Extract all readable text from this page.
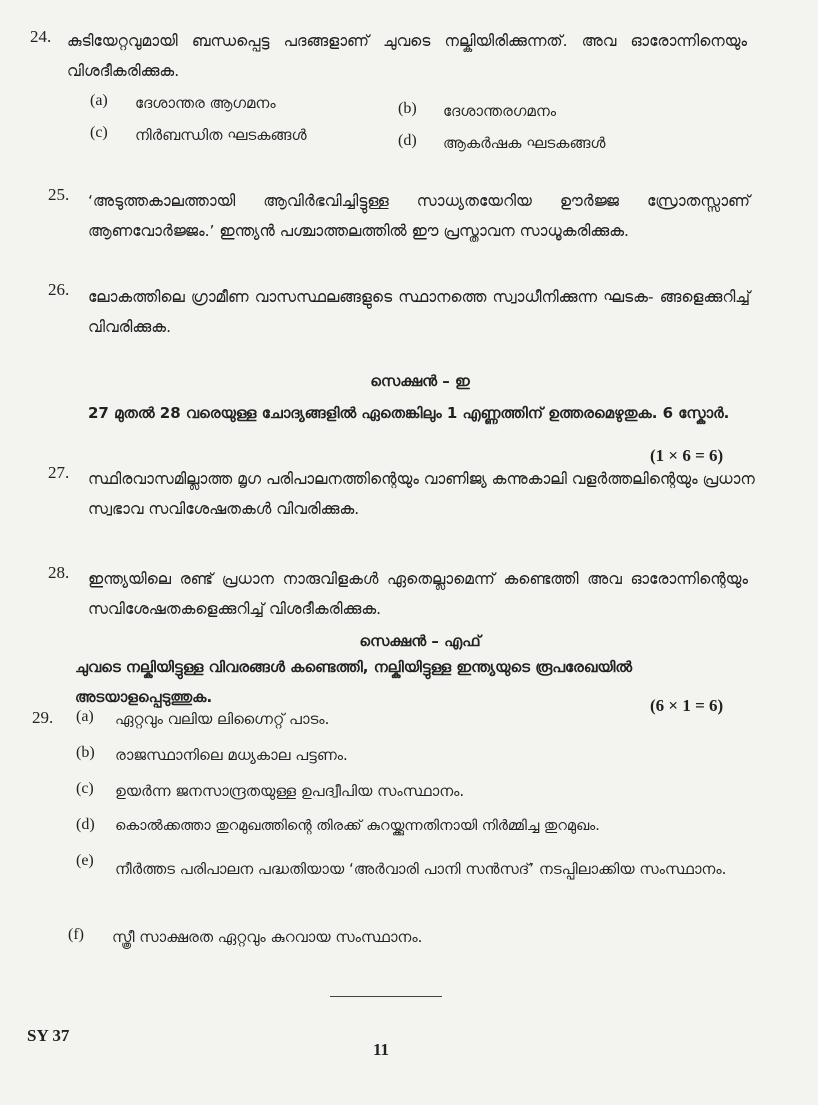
24. കുടിയേറ്റവുമായി ബന്ധപ്പെട്ട പദങ്ങളാണ് ചുവടെ നല്കിയിരിക്കുന്നത്. അവ ഓരോന്നിനെയും വിശദീകരിക്കുക.
(a) ദേശാന്തര ആഗമനം	(b) ദേശാന്തരഗമനം
(c) നിർബന്ധിത ഘടകങ്ങൾ	(d) ആകർഷക ഘടകങ്ങൾ
25. ‘അടുത്തകാലത്തായി ആവിർഭവിച്ചിട്ടുള്ള സാധ്യതയേറിയ ഊർജ്ജ സ്രോതസ്സാണ് ആണവോർജ്ജം.’ ഇന്ത്യൻ പശ്ചാത്തലത്തിൽ ഈ പ്രസ്താവന സാധൂകരിക്കുക.
26. ലോകത്തിലെ ഗ്രാമീണ വാസസ്ഥലങ്ങളുടെ സ്ഥാനത്തെ സ്വാധീനിക്കുന്ന ഘടക- ങ്ങളെക്കുറിച്ച് വിവരിക്കുക.
സെക്ഷൻ – ഇ
27 മുതൽ 28 വരെയുള്ള ചോദ്യങ്ങളിൽ ഏതെങ്കിലും 1 എണ്ണത്തിന് ഉത്തരമെഴുതുക. 6 സ്കോർ.
(1 × 6 = 6)
27. സ്ഥിരവാസമില്ലാത്ത മൃഗ പരിപാലനത്തിന്റെയും വാണിജ്യ കന്നുകാലി വളർത്തലിന്റെയും പ്രധാന സ്വഭാവ സവിശേഷതകൾ വിവരിക്കുക.
28. ഇന്ത്യയിലെ രണ്ട് പ്രധാന നാരുവിളകൾ ഏതെല്ലാമെന്ന് കണ്ടെത്തി അവ ഓരോന്നിന്റെയും സവിശേഷതകളെക്കുറിച്ച് വിശദീകരിക്കുക.
സെക്ഷൻ – എഫ്
ചുവടെ നല്കിയിട്ടുള്ള വിവരങ്ങൾ കണ്ടെത്തി, നല്കിയിട്ടുള്ള ഇന്ത്യയുടെ രൂപരേഖയിൽ അടയാളപ്പെടുത്തുക.	(6 × 1 = 6)
29. (a) ഏറ്റവും വലിയ ലിഗ്നൈറ്റ് പാടം.
(b) രാജസ്ഥാനിലെ മധ്യകാല പട്ടണം.
(c) ഉയർന്ന ജനസാന്ദ്രതയുള്ള ഉപദ്വീപിയ സംസ്ഥാനം.
(d) കൊൽക്കത്താ തുറമുഖത്തിന്റെ തിരക്ക് കുറയ്ക്കുന്നതിനായി നിർമ്മിച്ച തുറമുഖം.
(e) നീർത്തട പരിപാലന പദ്ധതിയായ ‘അർവാരി പാനി സൻസദ്’ നടപ്പിലാക്കിയ സംസ്ഥാനം.
(f) സ്ത്രീ സാക്ഷരത ഏറ്റവും കുറവായ സംസ്ഥാനം.
SY 37
11
